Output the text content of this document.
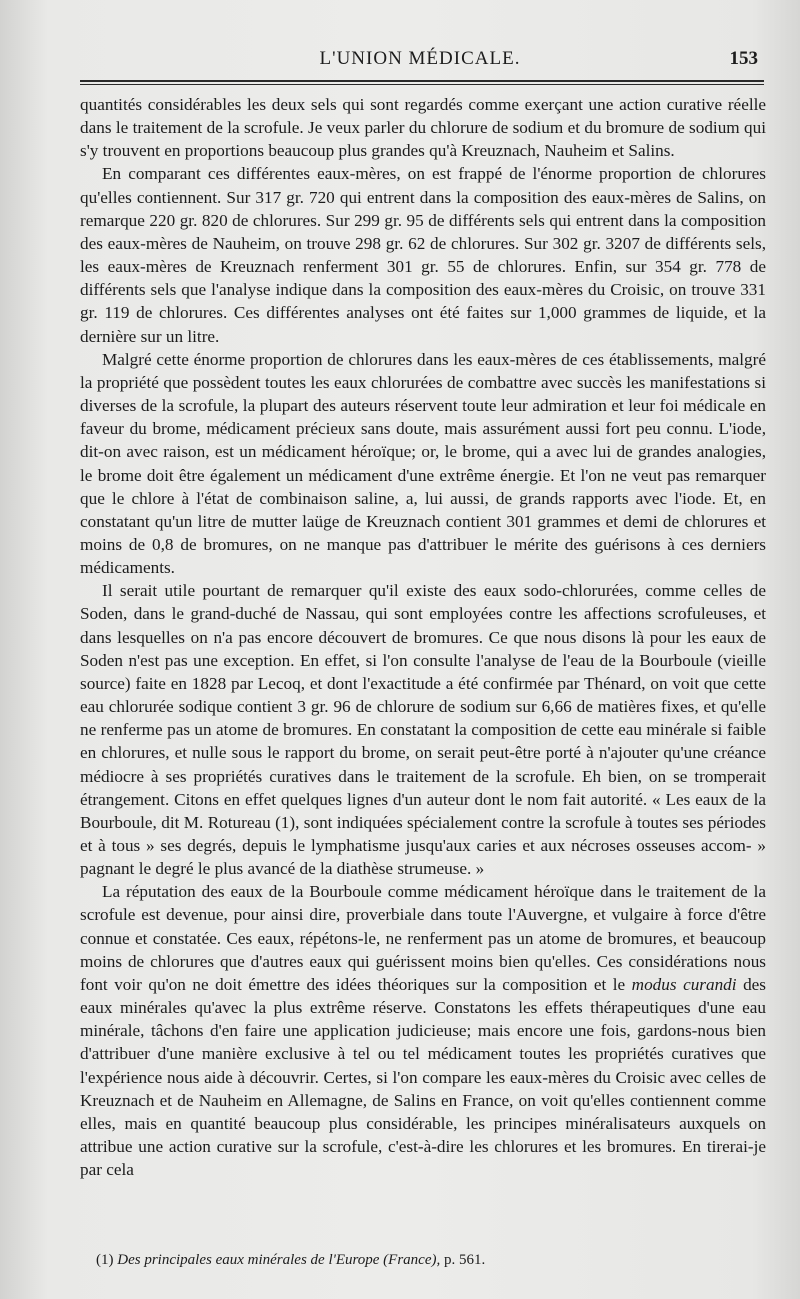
L'UNION MÉDICALE.	153

quantités considérables les deux sels qui sont regardés comme exerçant une action curative réelle dans le traitement de la scrofule. Je veux parler du chlorure de sodium et du bromure de sodium qui s'y trouvent en proportions beaucoup plus grandes qu'à Kreuznach, Nauheim et Salins.

En comparant ces différentes eaux-mères, on est frappé de l'énorme proportion de chlorures qu'elles contiennent. Sur 317 gr. 720 qui entrent dans la composition des eaux-mères de Salins, on remarque 220 gr. 820 de chlorures. Sur 299 gr. 95 de différents sels qui entrent dans la composition des eaux-mères de Nauheim, on trouve 298 gr. 62 de chlorures. Sur 302 gr. 3207 de différents sels, les eaux-mères de Kreuznach renferment 301 gr. 55 de chlorures. Enfin, sur 354 gr. 778 de différents sels que l'analyse indique dans la composition des eaux-mères du Croisic, on trouve 331 gr. 119 de chlorures. Ces différentes analyses ont été faites sur 1,000 grammes de liquide, et la dernière sur un litre.

Malgré cette énorme proportion de chlorures dans les eaux-mères de ces établissements, malgré la propriété que possèdent toutes les eaux chlorurées de combattre avec succès les manifestations si diverses de la scrofule, la plupart des auteurs réservent toute leur admiration et leur foi médicale en faveur du brome, médicament précieux sans doute, mais assurément aussi fort peu connu. L'iode, dit-on avec raison, est un médicament héroïque; or, le brome, qui a avec lui de grandes analogies, le brome doit être également un médicament d'une extrême énergie. Et l'on ne veut pas remarquer que le chlore à l'état de combinaison saline, a, lui aussi, de grands rapports avec l'iode. Et, en constatant qu'un litre de mutter laüge de Kreuznach contient 301 grammes et demi de chlorures et moins de 0,8 de bromures, on ne manque pas d'attribuer le mérite des guérisons à ces derniers médicaments.

Il serait utile pourtant de remarquer qu'il existe des eaux sodo-chlorurées, comme celles de Soden, dans le grand-duché de Nassau, qui sont employées contre les affections scrofuleuses, et dans lesquelles on n'a pas encore découvert de bromures. Ce que nous disons là pour les eaux de Soden n'est pas une exception. En effet, si l'on consulte l'analyse de l'eau de la Bourboule (vieille source) faite en 1828 par Lecoq, et dont l'exactitude a été confirmée par Thénard, on voit que cette eau chlorurée sodique contient 3 gr. 96 de chlorure de sodium sur 6,66 de matières fixes, et qu'elle ne renferme pas un atome de bromures. En constatant la composition de cette eau minérale si faible en chlorures, et nulle sous le rapport du brome, on serait peut-être porté à n'ajouter qu'une créance médiocre à ses propriétés curatives dans le traitement de la scrofule. Eh bien, on se tromperait étrangement. Citons en effet quelques lignes d'un auteur dont le nom fait autorité. « Les eaux de la Bourboule, dit M. Rotureau (1), sont indiquées spécialement contre la scrofule à toutes ses périodes et à tous » ses degrés, depuis le lymphatisme jusqu'aux caries et aux nécroses osseuses accom- » pagnant le degré le plus avancé de la diathèse strumeuse. »

La réputation des eaux de la Bourboule comme médicament héroïque dans le traitement de la scrofule est devenue, pour ainsi dire, proverbiale dans toute l'Auvergne, et vulgaire à force d'être connue et constatée. Ces eaux, répétons-le, ne renferment pas un atome de bromures, et beaucoup moins de chlorures que d'autres eaux qui guérissent moins bien qu'elles. Ces considérations nous font voir qu'on ne doit émettre des idées théoriques sur la composition et le modus curandi des eaux minérales qu'avec la plus extrême réserve. Constatons les effets thérapeutiques d'une eau minérale, tâchons d'en faire une application judicieuse; mais encore une fois, gardons-nous bien d'attribuer d'une manière exclusive à tel ou tel médicament toutes les propriétés curatives que l'expérience nous aide à découvrir. Certes, si l'on compare les eaux-mères du Croisic avec celles de Kreuznach et de Nauheim en Allemagne, de Salins en France, on voit qu'elles contiennent comme elles, mais en quantité beaucoup plus considérable, les principes minéralisateurs auxquels on attribue une action curative sur la scrofule, c'est-à-dire les chlorures et les bromures. En tirerai-je par cela

(1) Des principales eaux minérales de l'Europe (France), p. 561.
